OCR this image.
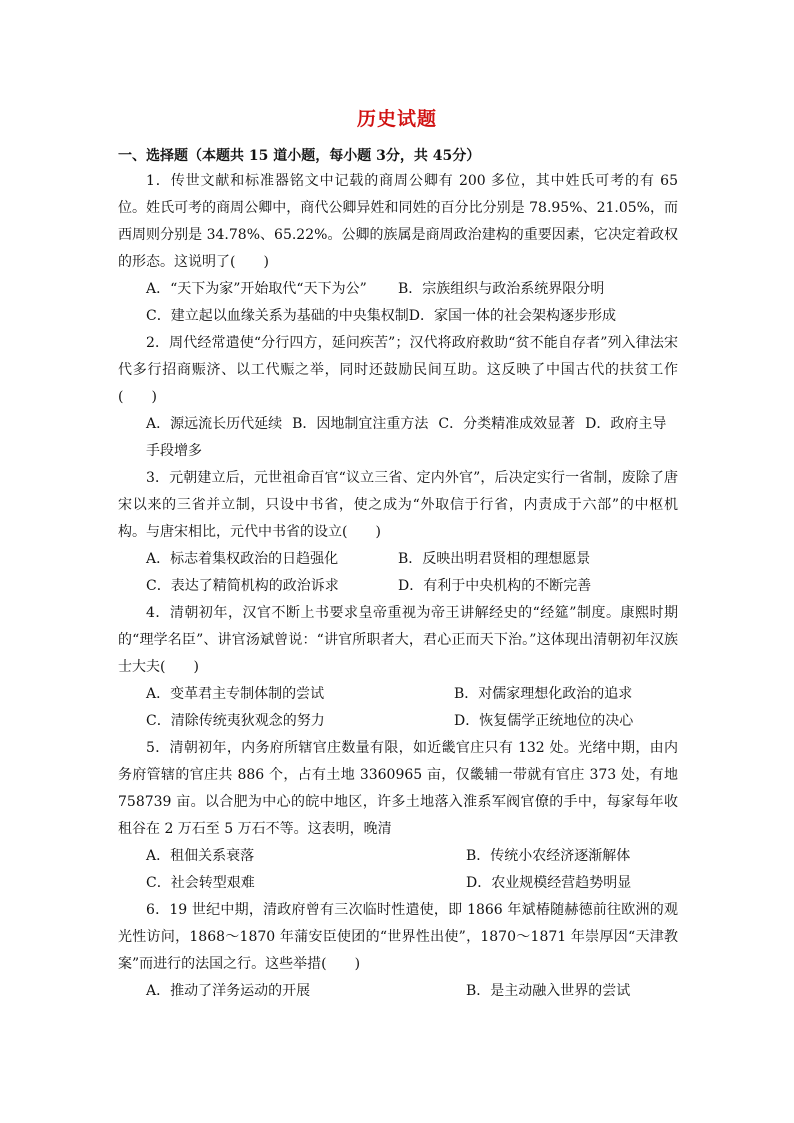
历史试题
一、选择题（本题共 15 道小题，每小题 3分，共 45分）

1．传世文献和标准器铭文中记载的商周公卿有 200 多位，其中姓氏可考的有 65 位。姓氏可考的商周公卿中，商代公卿异姓和同姓的百分比分别是 78.95%、21.05%，而西周则分别是 34.78%、65.22%。公卿的族属是商周政治建构的重要因素，它决定着政权的形态。这说明了(　　)

A．“天下为家”开始取代“天下为公”	B．宗族组织与政治系统界限分明
C．建立起以血缘关系为基础的中央集权制 D．家国一体的社会架构逐步形成

2．周代经常遣使“分行四方，延问疾苦”；汉代将政府救助“贫不能自存者”列入律法宋代多行招商赈济、以工代赈之举，同时还鼓励民间互助。这反映了中国古代的扶贫工作(　　)

A．源远流长历代延续 B．因地制宜注重方法 C．分类精准成效显著 D．政府主导手段增多

3．元朝建立后，元世祖命百官“议立三省、定内外官”，后决定实行一省制，废除了唐宋以来的三省并立制，只设中书省，使之成为“外取信于行省，内责成于六部”的中枢机构。与唐宋相比，元代中书省的设立(　　)

A．标志着集权政治的日趋强化	B．反映出明君贤相的理想愿景
C．表达了精简机构的政治诉求	D．有利于中央机构的不断完善

4．清朝初年，汉官不断上书要求皇帝重视为帝王讲解经史的“经筵”制度。康熙时期的“理学名臣”、讲官汤斌曾说：“讲官所职者大，君心正而天下治。”这体现出清朝初年汉族士大夫(　　)

A．变革君主专制体制的尝试	B．对儒家理想化政治的追求
C．清除传统夷狄观念的努力	D．恢复儒学正统地位的决心

5．清朝初年，内务府所辖官庄数量有限，如近畿官庄只有 132 处。光绪中期，由内务府管辖的官庄共 886 个，占有土地 3360965 亩，仅畿辅一带就有官庄 373 处，有地 758739 亩。以合肥为中心的皖中地区，许多土地落入淮系军阀官僚的手中，每家每年收租谷在 2 万石至 5 万石不等。这表明，晚清

A．租佃关系衰落	B．传统小农经济逐渐解体
C．社会转型艰难	D．农业规模经营趋势明显

6．19 世纪中期，清政府曾有三次临时性遣使，即 1866 年斌椿随赫德前往欧洲的观光性访问，1868～1870 年蒲安臣使团的“世界性出使”，1870～1871 年崇厚因“天津教案”而进行的法国之行。这些举措(　　)

A．推动了洋务运动的开展	B．是主动融入世界的尝试
